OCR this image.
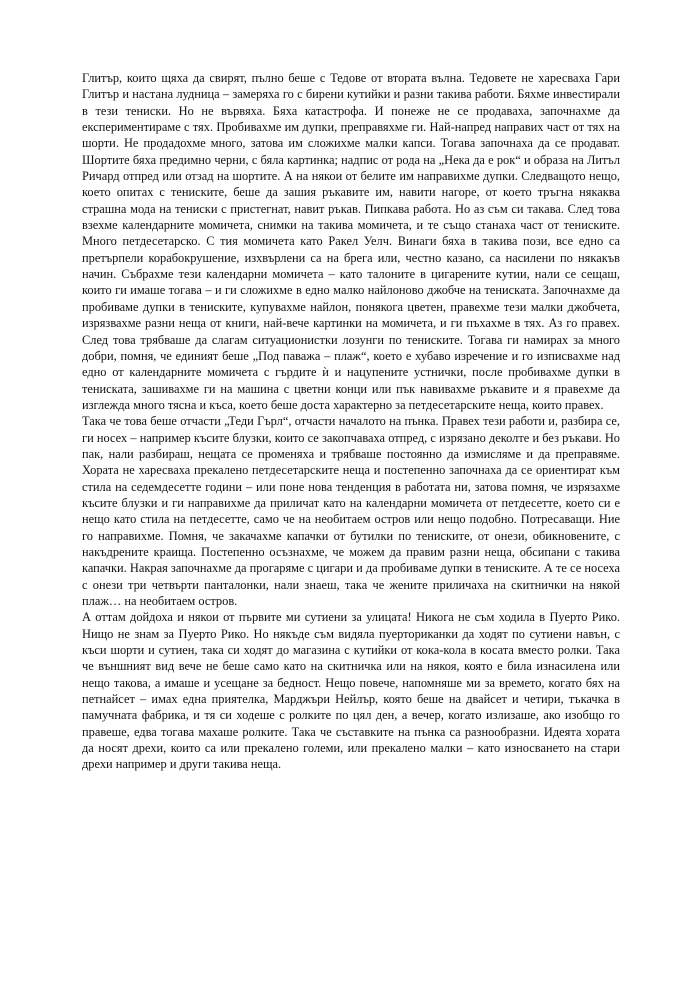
Глитър, които щяха да свирят, пълно беше с Тедове от втората вълна. Тедовете не харесваха Гари Глитър и настана лудница – замеряха го с бирени кутийки и разни такива работи. Бяхме инвестирали в тези тениски. Но не вървяха. Бяха катастрофа. И понеже не се продаваха, започнахме да експериментираме с тях. Пробивахме им дупки, преправяхме ги. Най-напред направих част от тях на шорти. Не продадохме много, затова им сложихме малки капси. Тогава започнаха да се продават. Шортите бяха предимно черни, с бяла картинка; надпис от рода на „Нека да е рок“ и образа на Литъл Ричард отпред или отзад на шортите. А на някои от белите им направихме дупки. Следващото нещо, което опитах с тениските, беше да зашия ръкавите им, навити нагоре, от което тръгна някаква страшна мода на тениски с пристегнат, навит ръкав. Пипкава работа. Но аз съм си такава. След това взехме календарните момичета, снимки на такива момичета, и те също станаха част от тениските. Много петдесетарско. С тия момичета като Ракел Уелч. Винаги бяха в такива пози, все едно са претърпели корабокрушение, изхвърлени са на брега или, честно казано, са насилени по някакъв начин. Събрахме тези календарни момичета – като талоните в цигарените кутии, нали се сещаш, които ги имаше тогава – и ги сложихме в едно малко найлоново джобче на тениската. Започнахме да пробиваме дупки в тениските, купувахме найлон, понякога цветен, правехме тези малки джобчета, изрязвахме разни неща от книги, най-вече картинки на момичета, и ги пъхахме в тях. Аз го правех. След това трябваше да слагам ситуационистки лозунги по тениските. Тогава ги намирах за много добри, помня, че единият беше „Под паважа – плаж“, което е хубаво изречение и го изписвахме над едно от календарните момичета с гърдите ѝ и нацупените устнички, после пробивахме дупки в тениската, зашивахме ги на машина с цветни конци или пък навивахме ръкавите и я правехме да изглежда много тясна и къса, което беше доста характерно за петдесетарските неща, които правех.

Така че това беше отчасти „Теди Гърл“, отчасти началото на пънка. Правех тези работи и, разбира се, ги носех – например късите блузки, които се закопчаваха отпред, с изрязано деколте и без ръкави. Но пак, нали разбираш, нещата се променяха и трябваше постоянно да измисляме и да преправяме. Хората не харесваха прекалено петдесетарските неща и постепенно започнаха да се ориентират към стила на седемдесетте години – или поне нова тенденция в работата ни, затова помня, че изрязахме късите блузки и ги направихме да приличат като на календарни момичета от петдесетте, което си е нещо като стила на петдесетте, само че на необитаем остров или нещо подобно. Потресаващи. Ние го направихме. Помня, че закачахме капачки от бутилки по тениските, от онези, обикновените, с накъдрените краища. Постепенно осъзнахме, че можем да правим разни неща, обсипани с такива капачки. Накрая започнахме да прогаряме с цигари и да пробиваме дупки в тениските. А те се носеха с онези три четвърти панталонки, нали знаеш, така че жените приличаха на скитнички на някой плаж… на необитаем остров.

А оттам дойдоха и някои от първите ми сутиени за улицата! Никога не съм ходила в Пуерто Рико. Нищо не знам за Пуерто Рико. Но някъде съм видяла пуерториканки да ходят по сутиени навън, с къси шорти и сутиен, така си ходят до магазина с кутийки от кока-кола в косата вместо ролки. Така че външният вид вече не беше само като на скитничка или на някоя, която е била изнасилена или нещо такова, а имаше и усещане за бедност. Нещо повече, напомняше ми за времето, когато бях на петнайсет – имах една приятелка, Марджъри Нейлър, която беше на двайсет и четири, тъкачка в памучната фабрика, и тя си ходеше с ролките по цял ден, а вечер, когато излизаше, ако изобщо го правеше, едва тогава махаше ролките. Така че съставките на пънка са разнообразни. Идеята хората да носят дрехи, които са или прекалено големи, или прекалено малки – като износването на стари дрехи например и други такива неща.
